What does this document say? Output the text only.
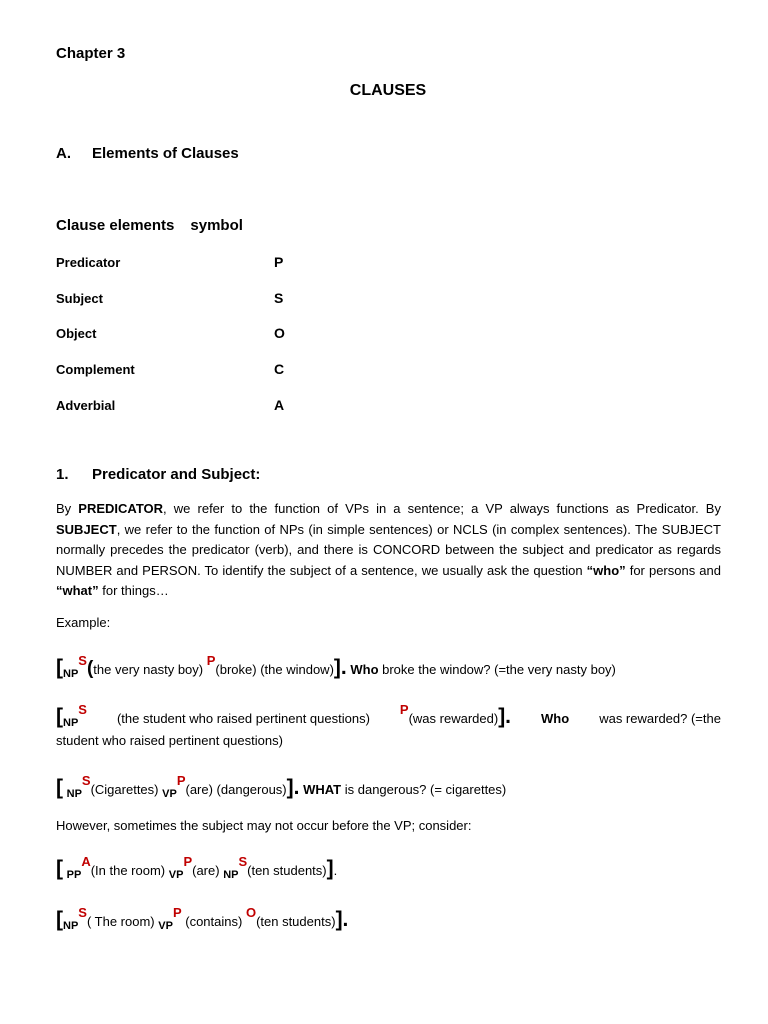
Chapter 3
CLAUSES
A. Elements of Clauses
Clause elements symbol
Predicator	P
Subject	S
Object	O
Complement	C
Adverbial	A
1. Predicator and Subject:
By PREDICATOR, we refer to the function of VPs in a sentence; a VP always functions as Predicator. By SUBJECT, we refer to the function of NPs (in simple sentences) or NCLS (in complex sentences). The SUBJECT normally precedes the predicator (verb), and there is CONCORD between the subject and predicator as regards NUMBER and PERSON. To identify the subject of a sentence, we usually ask the question “who” for persons and “what” for things…
Example:
[$_{NP}S(the$ very nasty boy) P(broke) (the window)]. Who broke the window? (=the very nasty boy)
[$_{NP}S$
(the student who raised pertinent questions)
P(was rewarded)]. Who was rewarded? (=the
student who raised pertinent questions)
[ $_{NP}$S(Cigarettes) $_{VP}$P(are) (dangerous)]. WHAT is dangerous? (= cigarettes)
However, sometimes the subject may not occur before the VP; consider:
[ $_{PP}$A(In the room) $_{VP}$P(are) $_{NP}$S(ten students)].
[$_{NP}S$( The room) $_{VP}$P (contains) O(ten students)].
